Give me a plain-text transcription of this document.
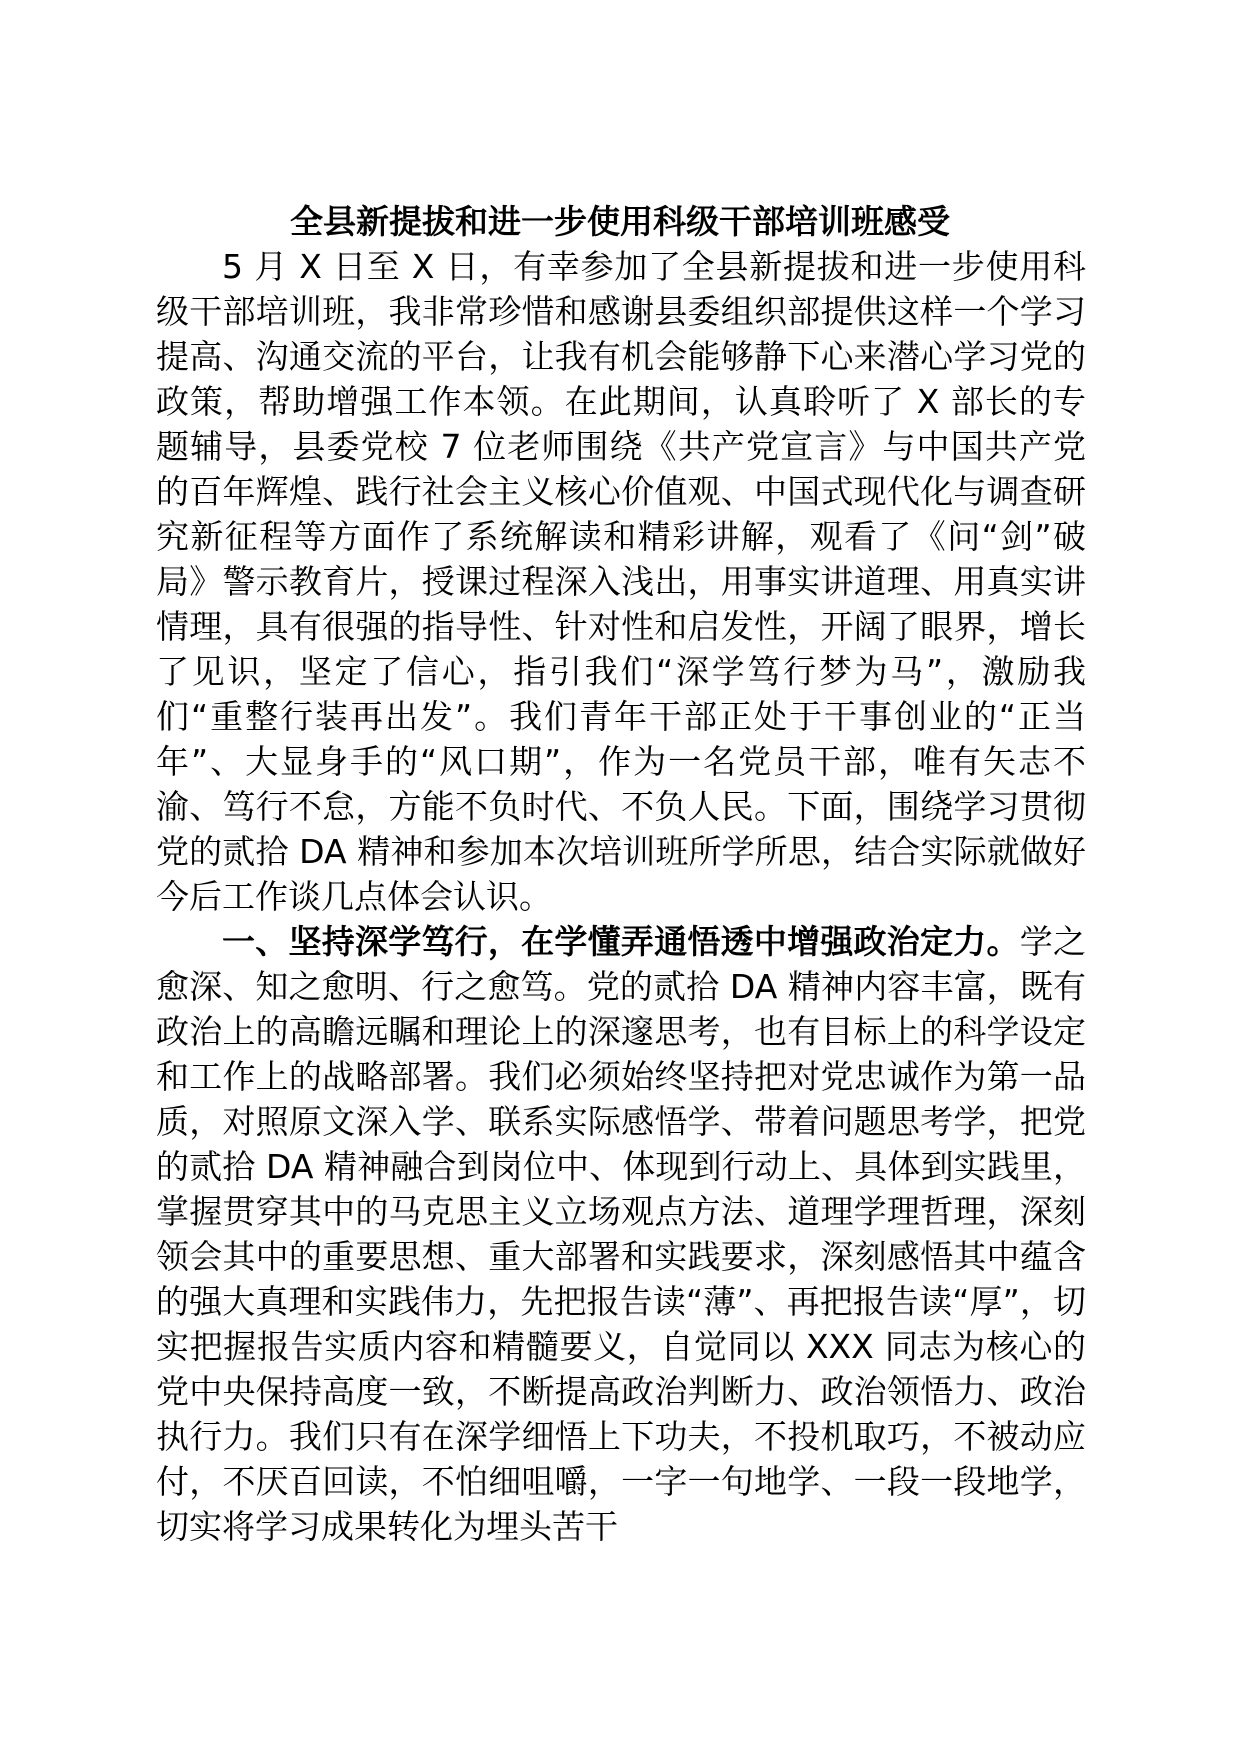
全县新提拔和进一步使用科级干部培训班感受

5 月 X 日至 X 日，有幸参加了全县新提拔和进一步使用科级干部培训班，我非常珍惜和感谢县委组织部提供这样一个学习提高、沟通交流的平台，让我有机会能够静下心来潜心学习党的政策，帮助增强工作本领。在此期间，认真聆听了 X 部长的专题辅导，县委党校 7 位老师围绕《共产党宣言》与中国共产党的百年辉煌、践行社会主义核心价值观、中国式现代化与调查研究新征程等方面作了系统解读和精彩讲解，观看了《问“剑”破局》警示教育片，授课过程深入浅出，用事实讲道理、用真实讲情理，具有很强的指导性、针对性和启发性，开阔了眼界，增长了见识，坚定了信心，指引我们“深学笃行梦为马”，激励我们“重整行装再出发”。我们青年干部正处于干事创业的“正当年”、大显身手的“风口期”，作为一名党员干部，唯有矢志不渝、笃行不怠，方能不负时代、不负人民。下面，围绕学习贯彻党的贰拾 DA 精神和参加本次培训班所学所思，结合实际就做好今后工作谈几点体会认识。

一、坚持深学笃行，在学懂弄通悟透中增强政治定力。学之愈深、知之愈明、行之愈笃。党的贰拾 DA 精神内容丰富，既有政治上的高瞻远瞩和理论上的深邃思考，也有目标上的科学设定和工作上的战略部署。我们必须始终坚持把对党忠诚作为第一品质，对照原文深入学、联系实际感悟学、带着问题思考学，把党的贰拾 DA 精神融合到岗位中、体现到行动上、具体到实践里，掌握贯穿其中的马克思主义立场观点方法、道理学理哲理，深刻领会其中的重要思想、重大部署和实践要求，深刻感悟其中蕴含的强大真理和实践伟力，先把报告读“薄”、再把报告读“厚”，切实把握报告实质内容和精髓要义，自觉同以 XXX 同志为核心的党中央保持高度一致，不断提高政治判断力、政治领悟力、政治执行力。我们只有在深学细悟上下功夫，不投机取巧，不被动应付，不厌百回读，不怕细咀嚼，一字一句地学、一段一段地学，切实将学习成果转化为埋头苦干
